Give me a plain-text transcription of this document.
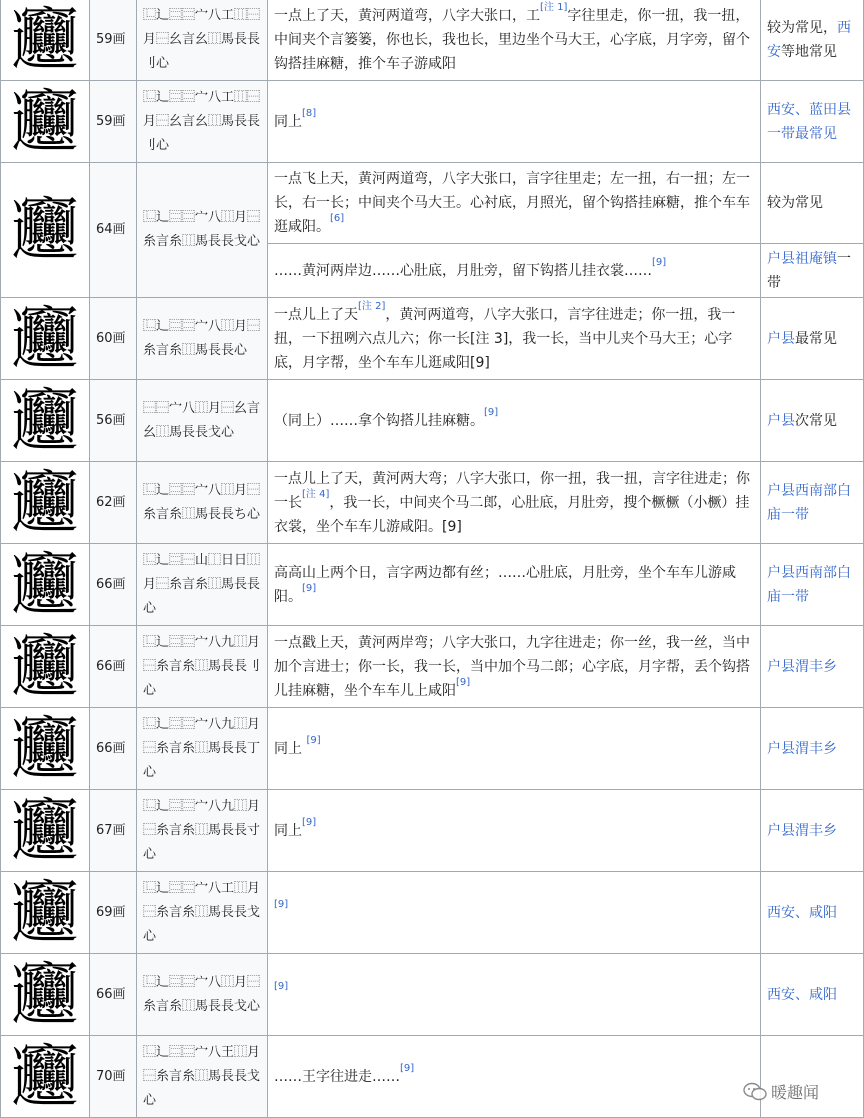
𰻞	59画	⿺辶⿳⿳宀八工⿲⿱月⿱幺言幺⿲馬長長刂心	一点上了天，黄河两道弯，八字大张口，工[注 1]字往里走，你一扭，我一扭，中间夹个言篓篓，你也长，我也长，里边坐个马大王，心字底，月字旁，留个钩搭挂麻糖，推个车子游咸阳	较为常见，西安等地常见

𰻞	59画	⿺辶⿳⿳宀八工⿲⿱月⿱幺言幺⿲馬長長刂心	同上[8]	西安、蓝田县一带最常见

𰻞	64画	⿺辶⿳⿳宀八⿲月⿱糸言糸⿲馬長長戈心	一点飞上天，黄河两道弯，八字大张口，言字往里走；左一扭，右一扭；左一长，右一长；中间夹个马大王。心衬底，月照光，留个钩搭挂麻糖，推个车车逛咸阳。[6]	较为常见
			……黄河两岸边……心肚底，月肚旁，留下钩搭儿挂衣裳……[9]	户县祖庵镇一带

𰻞	60画	⿺辶⿳⿳宀八⿲月⿱糸言糸⿲馬長長心	一点儿上了天[注 2]，黄河两道弯，八字大张口，言字往进走；你一扭，我一扭，一下扭咧六点儿六；你一长[注 3]，我一长，当中儿夹个马大王；心字底，月字帮，坐个车车儿逛咸阳[9]	户县最常见

𰻞	56画	⿱⿱宀八⿲月⿱幺言幺⿲馬長長戈心	（同上）……拿个钩搭儿挂麻糖。[9]	户县次常见

𰻞	62画	⿺辶⿳⿳宀八⿲月⿱糸言糸⿲馬長長ち心	一点儿上了天，黄河两大弯；八字大张口，你一扭，我一扭，言字往进走；你一长[注 4]，我一长，中间夹个马二郎，心肚底，月肚旁，搜个橛橛（小橛）挂衣裳，坐个车车儿游咸阳。[9]	户县西南部白庙一带

𰻞	66画	⿺辶⿳⿱山⿰日日⿲月⿱糸言糸⿲馬長長心	高高山上两个日，言字两边都有丝；……心肚底，月肚旁，坐个车车儿游咸阳。[9]	户县西南部白庙一带

𰻞	66画	⿺辶⿳⿳宀八九⿲月⿱糸言糸⿲馬長長刂心	一点戳上天，黄河两岸弯；八字大张口，九字往进走；你一丝，我一丝，当中加个言进士；你一长，我一长，当中加个马二郎；心字底，月字帮，丢个钩搭儿挂麻糖，坐个车车儿上咸阳[9]	户县渭丰乡

𰻞	66画	⿺辶⿳⿳宀八九⿲月⿱糸言糸⿲馬長長丁心	同上 [9]	户县渭丰乡

𰻞	67画	⿺辶⿳⿳宀八九⿲月⿱糸言糸⿲馬長長寸心	同上[9]	户县渭丰乡

𰻞	69画	⿺辶⿳⿳宀八工⿲月⿱糸言糸⿲馬長長戈心	[9]	西安、咸阳

𰻞	66画	⿺辶⿳⿳宀八⿲月⿱糸言糸⿲馬長長戈心	[9]	西安、咸阳

𰻞	70画	⿺辶⿳⿳宀八王⿲月⿱糸言糸⿲馬長長戈心	……王字往进走……[9]	
暖趣闻
